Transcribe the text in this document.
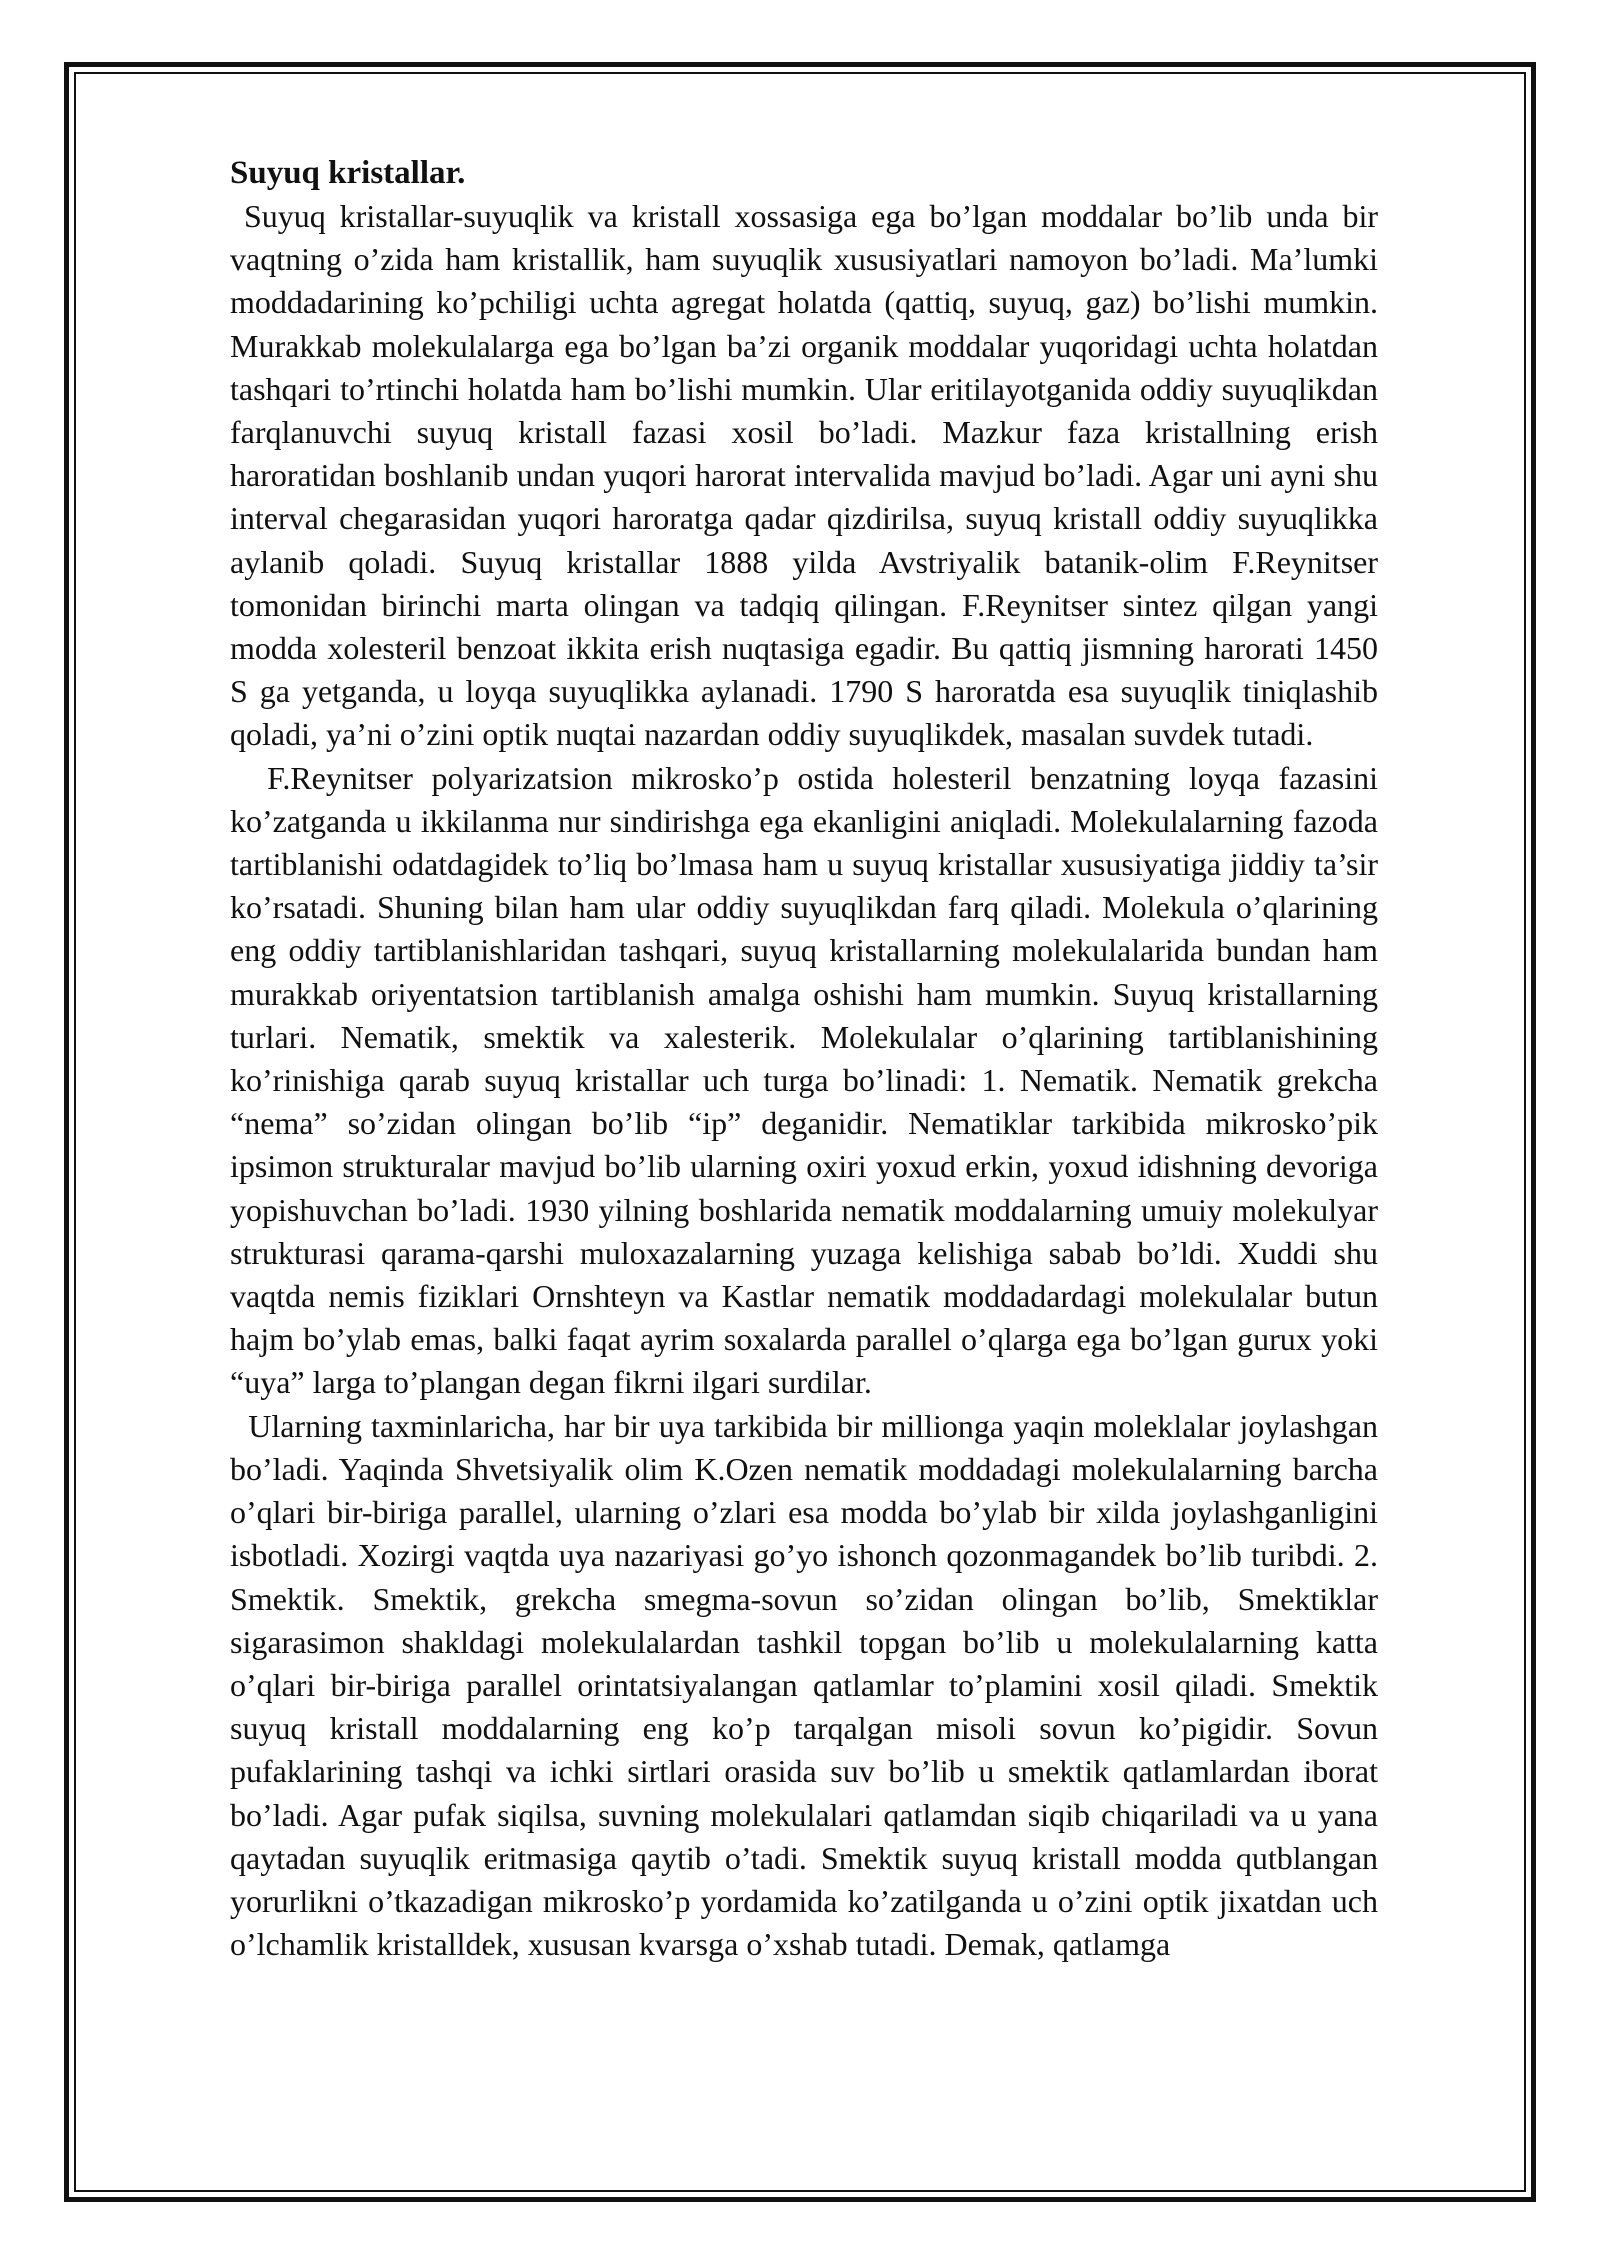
Suyuq kristallar.

Suyuq kristallar-suyuqlik va kristall xossasiga ega bo’lgan moddalar bo’lib unda bir vaqtning o’zida ham kristallik, ham suyuqlik xususiyatlari namoyon bo’ladi. Ma’lumki moddadarining ko’pchiligi uchta agregat holatda (qattiq, suyuq, gaz) bo’lishi mumkin. Murakkab molekulalarga ega bo’lgan ba’zi organik moddalar yuqoridagi uchta holatdan tashqari to’rtinchi holatda ham bo’lishi mumkin. Ular eritilayotganida oddiy suyuqlikdan farqlanuvchi suyuq kristall fazasi xosil bo’ladi. Mazkur faza kristallning erish haroratidan boshlanib undan yuqori harorat intervalida mavjud bo’ladi. Agar uni ayni shu interval chegarasidan yuqori haroratga qadar qizdirilsa, suyuq kristall oddiy suyuqlikka aylanib qoladi. Suyuq kristallar 1888 yilda Avstriyalik batanik-olim F.Reynitser tomonidan birinchi marta olingan va tadqiq qilingan. F.Reynitser sintez qilgan yangi modda xolesteril benzoat ikkita erish nuqtasiga egadir. Bu qattiq jismning harorati 1450 S ga yetganda, u loyqa suyuqlikka aylanadi. 1790 S haroratda esa suyuqlik tiniqlashib qoladi, ya’ni o’zini optik nuqtai nazardan oddiy suyuqlikdek, masalan suvdek tutadi.

F.Reynitser polyarizatsion mikrosko’p ostida holesteril benzatning loyqa fazasini ko’zatganda u ikkilanma nur sindirishga ega ekanligini aniqladi. Molekulalarning fazoda tartiblanishi odatdagidek to’liq bo’lmasa ham u suyuq kristallar xususiyatiga jiddiy ta’sir ko’rsatadi. Shuning bilan ham ular oddiy suyuqlikdan farq qiladi. Molekula o’qlarining eng oddiy tartiblanishlaridan tashqari, suyuq kristallarning molekulalarida bundan ham murakkab oriyentatsion tartiblanish amalga oshishi ham mumkin. Suyuq kristallarning turlari. Nematik, smektik va xalesterik. Molekulalar o’qlarining tartiblanishining ko’rinishiga qarab suyuq kristallar uch turga bo’linadi: 1. Nematik. Nematik grekcha “nema” so’zidan olingan bo’lib “ip” deganidir. Nematiklar tarkibida mikrosko’pik ipsimon strukturalar mavjud bo’lib ularning oxiri yoxud erkin, yoxud idishning devoriga yopishuvchan bo’ladi. 1930 yilning boshlarida nematik moddalarning umuiy molekulyar strukturasi qarama-qarshi muloxazalarning yuzaga kelishiga sabab bo’ldi. Xuddi shu vaqtda nemis fiziklari Ornshteyn va Kastlar nematik moddadardagi molekulalar butun hajm bo’ylab emas, balki faqat ayrim soxalarda parallel o’qlarga ega bo’lgan gurux yoki “uya” larga to’plangan degan fikrni ilgari surdilar.

Ularning taxminlaricha, har bir uya tarkibida bir millionga yaqin moleklalar joylashgan bo’ladi. Yaqinda Shvetsiyalik olim K.Ozen nematik moddadagi molekulalarning barcha o’qlari bir-biriga parallel, ularning o’zlari esa modda bo’ylab bir xilda joylashganligini isbotladi. Xozirgi vaqtda uya nazariyasi go’yo ishonch qozonmagandek bo’lib turibdi. 2. Smektik. Smektik, grekcha smegma-sovun so’zidan olingan bo’lib, Smektiklar sigarasimon shakldagi molekulalardan tashkil topgan bo’lib u molekulalarning katta o’qlari bir-biriga parallel orintatsiyalangan qatlamlar to’plamini xosil qiladi. Smektik suyuq kristall moddalarning eng ko’p tarqalgan misoli sovun ko’pigidir. Sovun pufaklarining tashqi va ichki sirtlari orasida suv bo’lib u smektik qatlamlardan iborat bo’ladi. Agar pufak siqilsa, suvning molekulalari qatlamdan siqib chiqariladi va u yana qaytadan suyuqlik eritmasiga qaytib o’tadi. Smektik suyuq kristall modda qutblangan yorurlikni o’tkazadigan mikrosko’p yordamida ko’zatilganda u o’zini optik jixatdan uch o’lchamlik kristalldek, xususan kvarsga o’xshab tutadi. Demak, qatlamga
